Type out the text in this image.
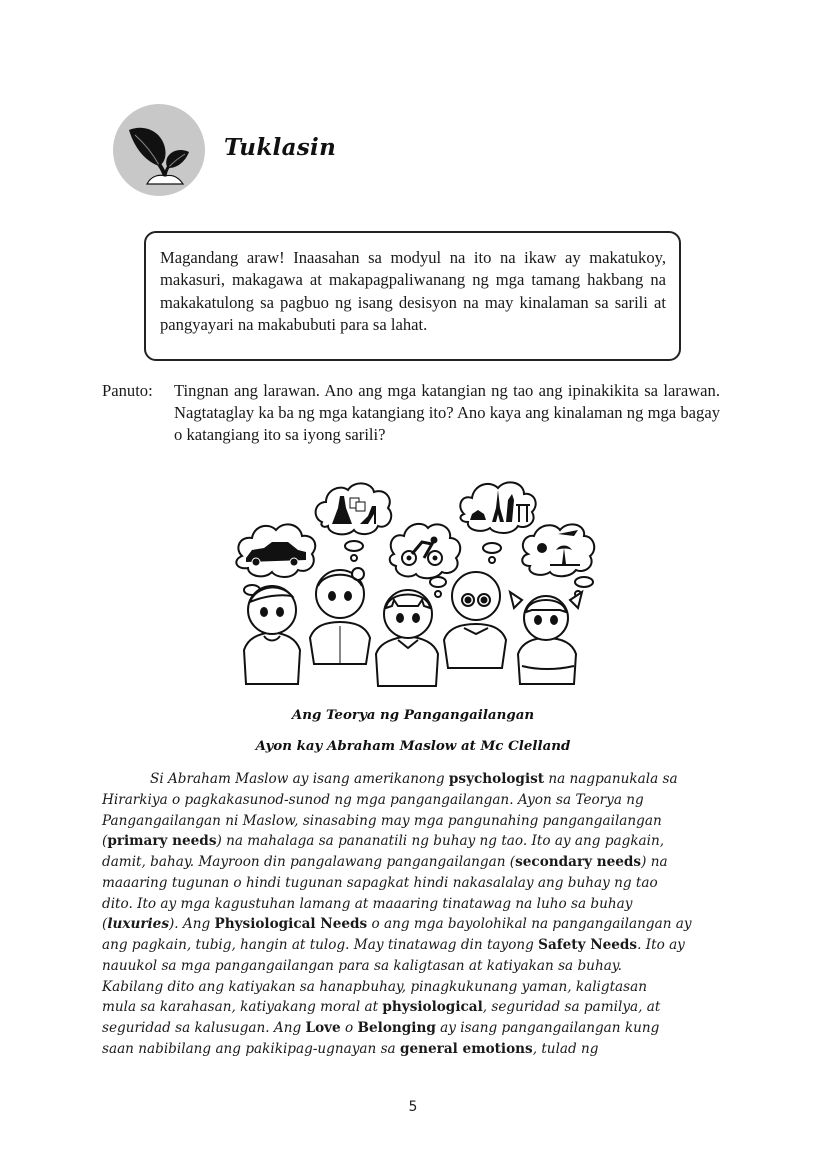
Tuklasin
Magandang araw! Inaasahan sa modyul na ito na ikaw ay makatukoy, makasuri, makagawa at makapagpaliwanang ng mga tamang hakbang na makakatulong sa pagbuo ng isang desisyon na may kinalaman sa sarili at pangyayari na makabubuti para sa lahat.
Panuto: Tingnan ang larawan. Ano ang mga katangian ng tao ang ipinakikita sa larawan. Nagtataglay ka ba ng mga katangiang ito? Ano kaya ang kinalaman ng mga bagay o katangiang ito sa iyong sarili?
Ang Teorya ng Pangangailangan
Ayon kay Abraham Maslow at Mc Clelland
Si Abraham Maslow ay isang amerikanong psychologist na nagpanukala sa
Hirarkiya o pagkakasunod-sunod ng mga pangangailangan. Ayon sa Teorya ng
Pangangailangan ni Maslow, sinasabing may mga pangunahing pangangailangan
(primary needs) na mahalaga sa pananatili ng buhay ng tao. Ito ay ang pagkain,
damit, bahay. Mayroon din pangalawang pangangailangan (secondary needs) na
maaaring tugunan o hindi tugunan sapagkat hindi nakasalalay ang buhay ng tao
dito. Ito ay mga kagustuhan lamang at maaaring tinatawag na luho sa buhay
(luxuries). Ang Physiological Needs o ang mga bayolohikal na pangangailangan ay
ang pagkain, tubig, hangin at tulog. May tinatawag din tayong Safety Needs. Ito ay
nauukol sa mga pangangailangan para sa kaligtasan at katiyakan sa buhay.
Kabilang dito ang katiyakan sa hanapbuhay, pinagkukunang yaman, kaligtasan
mula sa karahasan, katiyakang moral at physiological, seguridad sa pamilya, at
seguridad sa kalusugan. Ang Love o Belonging ay isang pangangailangan kung
saan nabibilang ang pakikipag-ugnayan sa general emotions, tulad ng
5
